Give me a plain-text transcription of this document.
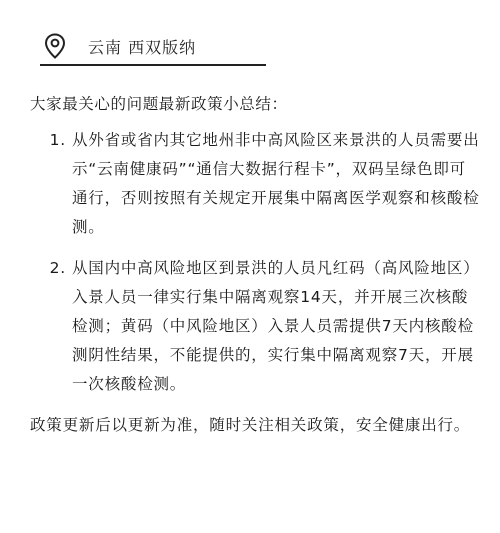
云南 西双版纳

大家最关心的问题最新政策小总结：

1. 从外省或省内其它地州非中高风险区来景洪的人员需要出示“云南健康码”“通信大数据行程卡”，双码呈绿色即可通行，否则按照有关规定开展集中隔离医学观察和核酸检测。
2. 从国内中高风险地区到景洪的人员凡红码（高风险地区）入景人员一律实行集中隔离观察14天，并开展三次核酸检测；黄码（中风险地区）入景人员需提供7天内核酸检测阴性结果，不能提供的，实行集中隔离观察7天，开展一次核酸检测。

政策更新后以更新为准，随时关注相关政策，安全健康出行。
